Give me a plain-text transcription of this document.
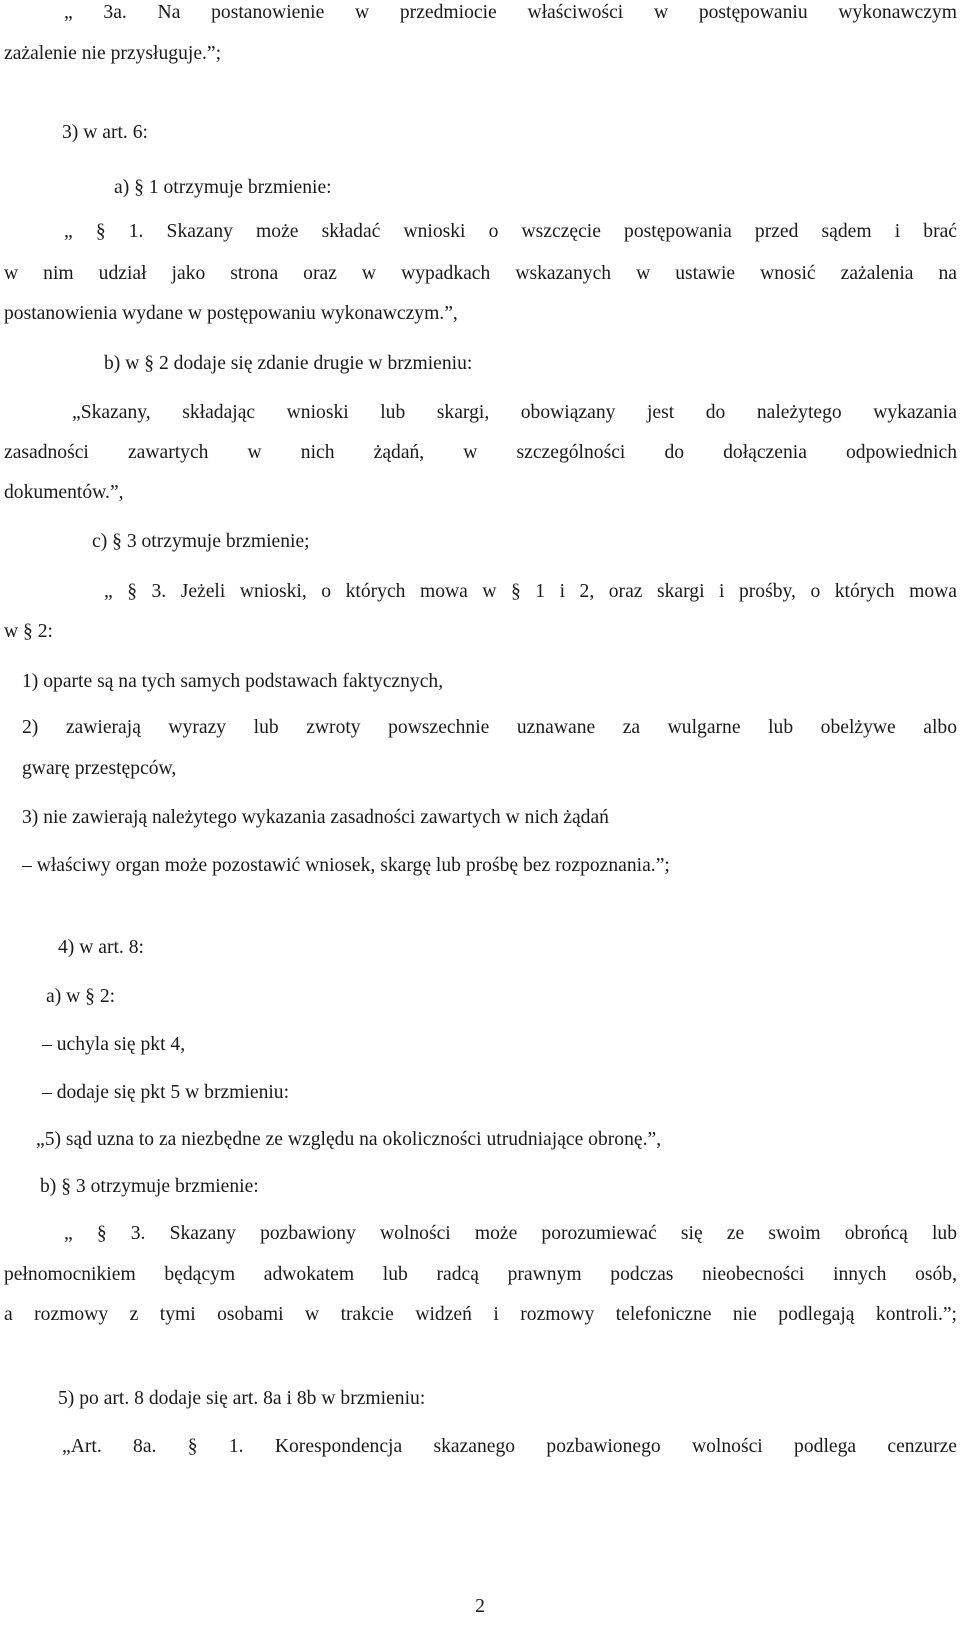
„ 3a. Na postanowienie w przedmiocie właściwości w postępowaniu wykonawczym
zażalenie nie przysługuje.”;
3) w art. 6:
a) § 1 otrzymuje brzmienie:
„ § 1. Skazany może składać wnioski o wszczęcie postępowania przed sądem i brać
w nim udział jako strona oraz w wypadkach wskazanych w ustawie wnosić zażalenia na
postanowienia wydane w postępowaniu wykonawczym.”,
b) w § 2 dodaje się zdanie drugie w brzmieniu:
„Skazany, składając wnioski lub skargi, obowiązany jest do należytego wykazania
zasadności zawartych w nich żądań, w szczególności do dołączenia odpowiednich
dokumentów.”,
c) § 3 otrzymuje brzmienie;
„ § 3. Jeżeli wnioski, o których mowa w § 1 i 2, oraz skargi i prośby, o których mowa
w § 2:
1) oparte są na tych samych podstawach faktycznych,
2) zawierają wyrazy lub zwroty powszechnie uznawane za wulgarne lub obelżywe albo
gwarę przestępców,
3) nie zawierają należytego wykazania zasadności zawartych w nich żądań
– właściwy organ może pozostawić wniosek, skargę lub prośbę bez rozpoznania.”;
4) w art. 8:
a) w § 2:
– uchyla się pkt 4,
– dodaje się pkt 5 w brzmieniu:
„5) sąd uzna to za niezbędne ze względu na okoliczności utrudniające obronę.”,
b) § 3 otrzymuje brzmienie:
„ § 3. Skazany pozbawiony wolności może porozumiewać się ze swoim obrońcą lub
pełnomocnikiem będącym adwokatem lub radcą prawnym podczas nieobecności innych osób,
a rozmowy z tymi osobami w trakcie widzeń i rozmowy telefoniczne nie podlegają kontroli.”;
5) po art. 8 dodaje się art. 8a i 8b w brzmieniu:
„Art. 8a. § 1. Korespondencja skazanego pozbawionego wolności podlega cenzurze
2
